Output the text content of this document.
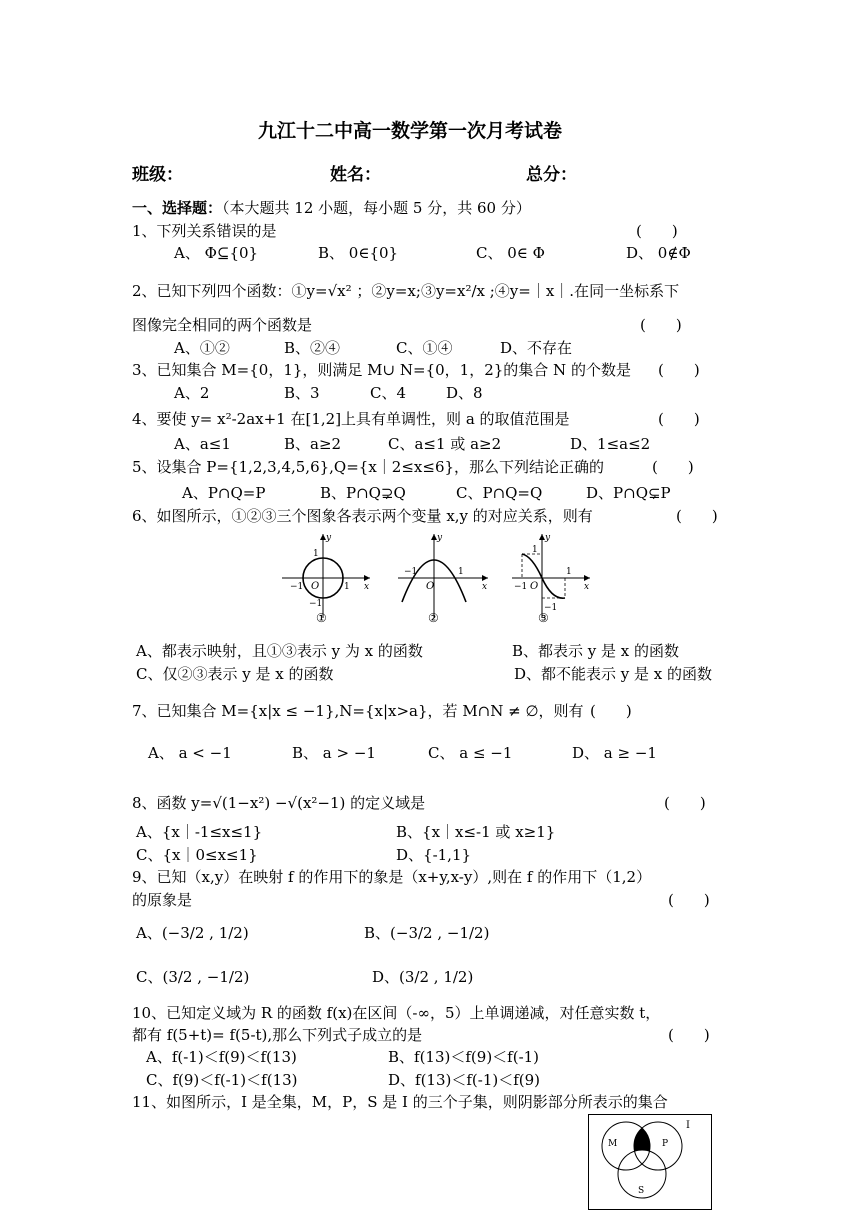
九江十二中高一数学第一次月考试卷
班级：	姓名：	总分：
一、选择题：（本大题共 12 小题，每小题 5 分，共 60 分）
1、下列关系错误的是	(　　)
A、 Φ⊆{0}	B、 0∈{0}	C、 0∈ Φ	D、 0∉Φ
2、已知下列四个函数：①y=√x² ；②y=x;③y=x²/x ;④y=｜x｜.在同一坐标系下
图像完全相同的两个函数是	(　　)
A、①②	B、②④	C、①④	D、不存在
3、已知集合 M={0，1}，则满足 M∪ N={0，1，2}的集合 N 的个数是 (　　)
A、2	B、3	C、4	D、8
4、要使 y= x²-2ax+1 在[1,2]上具有单调性，则 a 的取值范围是	(　　)
A、a≤1	B、a≥2	C、a≤1 或 a≥2	D、1≤a≤2
5、设集合 P={1,2,3,4,5,6},Q={x｜2≤x≤6}，那么下列结论正确的	(　　)
A、P∩Q=P	B、P∩Q⊋Q	C、P∩Q=Q	D、P∩Q⊊P
6、如图所示，①②③三个图象各表示两个变量 x,y 的对应关系，则有	(　　)
y
x
1
−1 O	1
−1
y
x
−1
O
1
y
x
1
−1 O
1
−1
①	②	③
A、都表示映射，且①③表示 y 为 x 的函数	B、都表示 y 是 x 的函数
C、仅②③表示 y 是 x 的函数	D、都不能表示 y 是 x 的函数
7、已知集合 M={x|x ≤ −1},N={x|x>a}，若 M∩N ≠ ∅，则有 (　　)
A、 a < −1	B、 a > −1	C、 a ≤ −1	D、 a ≥ −1
8、函数 y=√(1−x²) −√(x²−1) 的定义域是	(　　)
A、{x｜-1≤x≤1}	B、{x｜x≤-1 或 x≥1}
C、{x｜0≤x≤1}	D、{-1,1}
9、已知（x,y）在映射 f 的作用下的象是（x+y,x-y）,则在 f 的作用下（1,2）
的原象是	(　　)
A、(−3/2 , 1/2)	B、(−3/2 , −1/2)
C、(3/2 , −1/2)	D、(3/2 , 1/2)
10、已知定义域为 R 的函数 f(x)在区间（-∞，5）上单调递减，对任意实数 t，
都有 f(5+t)= f(5-t),那么下列式子成立的是	(　　)
A、f(-1)＜f(9)＜f(13)	B、f(13)＜f(9)＜f(-1)
C、f(9)＜f(-1)＜f(13)	D、f(13)＜f(-1)＜f(9)
11、如图所示，I 是全集，M，P，S 是 I 的三个子集，则阴影部分所表示的集合
I
M	P
S
